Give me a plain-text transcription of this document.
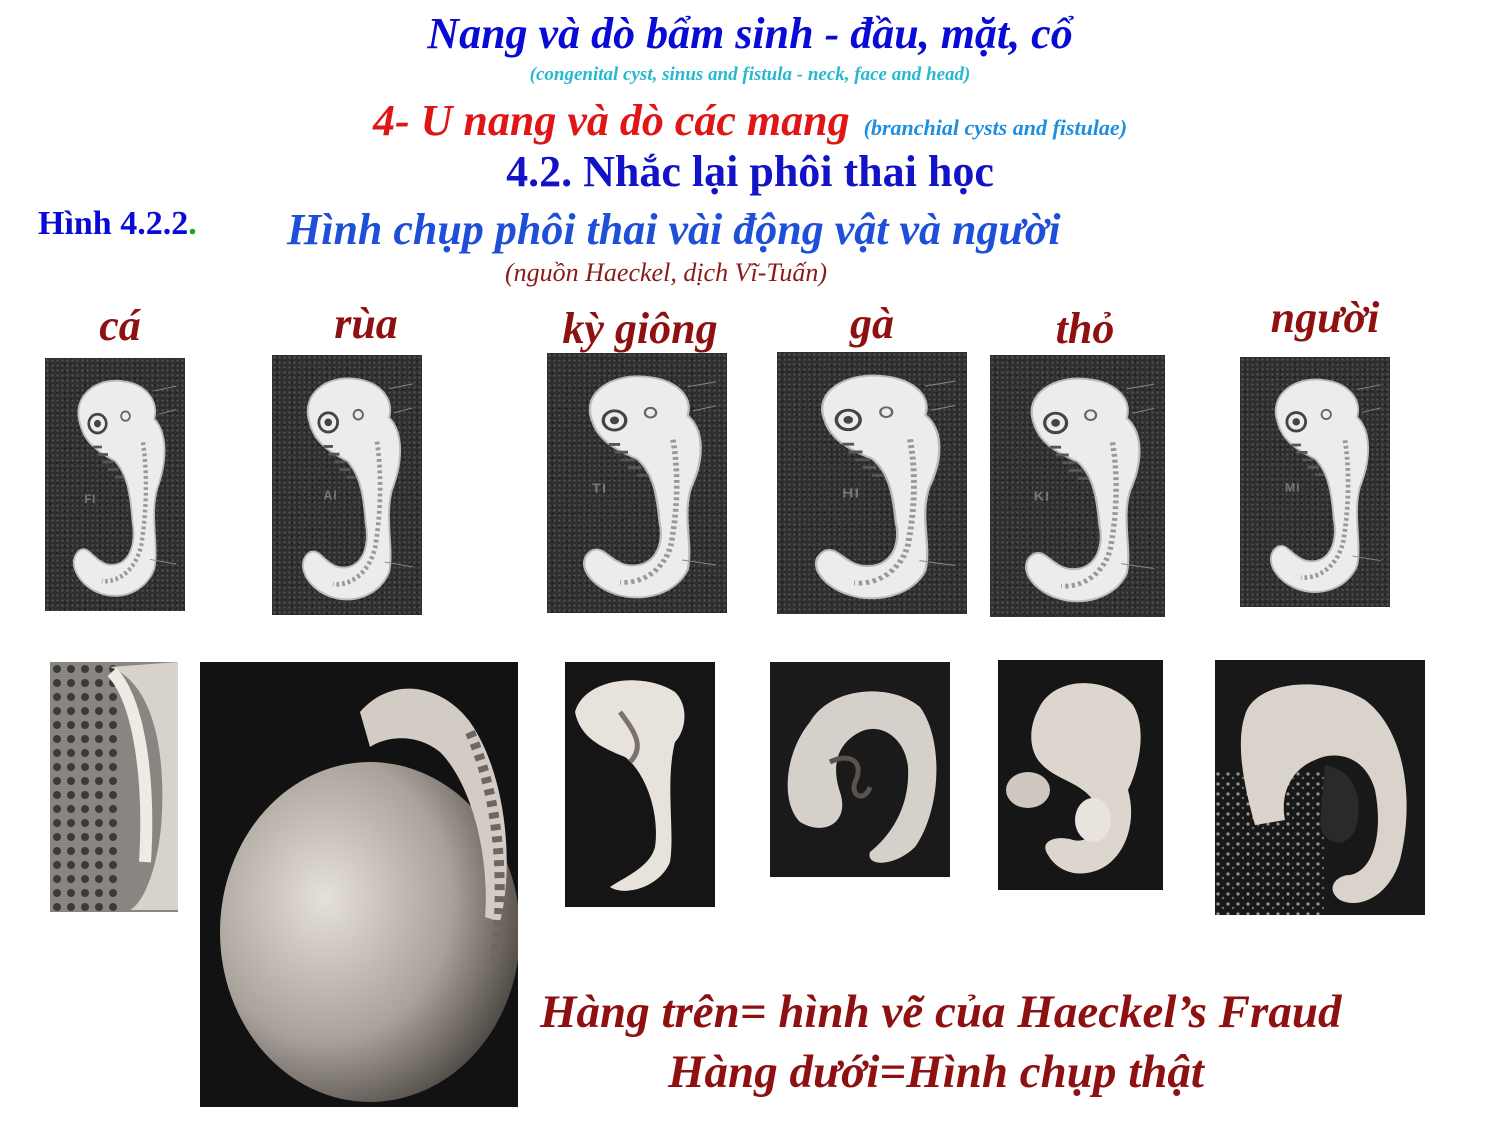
Nang và dò bẩm sinh - đầu, mặt, cổ
(congenital cyst, sinus and fistula - neck, face and head)
4- U nang và dò các mang (branchial cysts and fistulae)
4.2. Nhắc lại phôi thai học
Hình 4.2.2. Hình chụp phôi thai vài động vật và người
(nguồn Haeckel, dịch Vĩ-Tuấn)
cá	rùa	kỳ giông	gà	thỏ	người
FI	AI	TI	HI	KI
MI
Hàng trên= hình vẽ của Haeckel’s Fraud
Hàng dưới=Hình chụp thật
